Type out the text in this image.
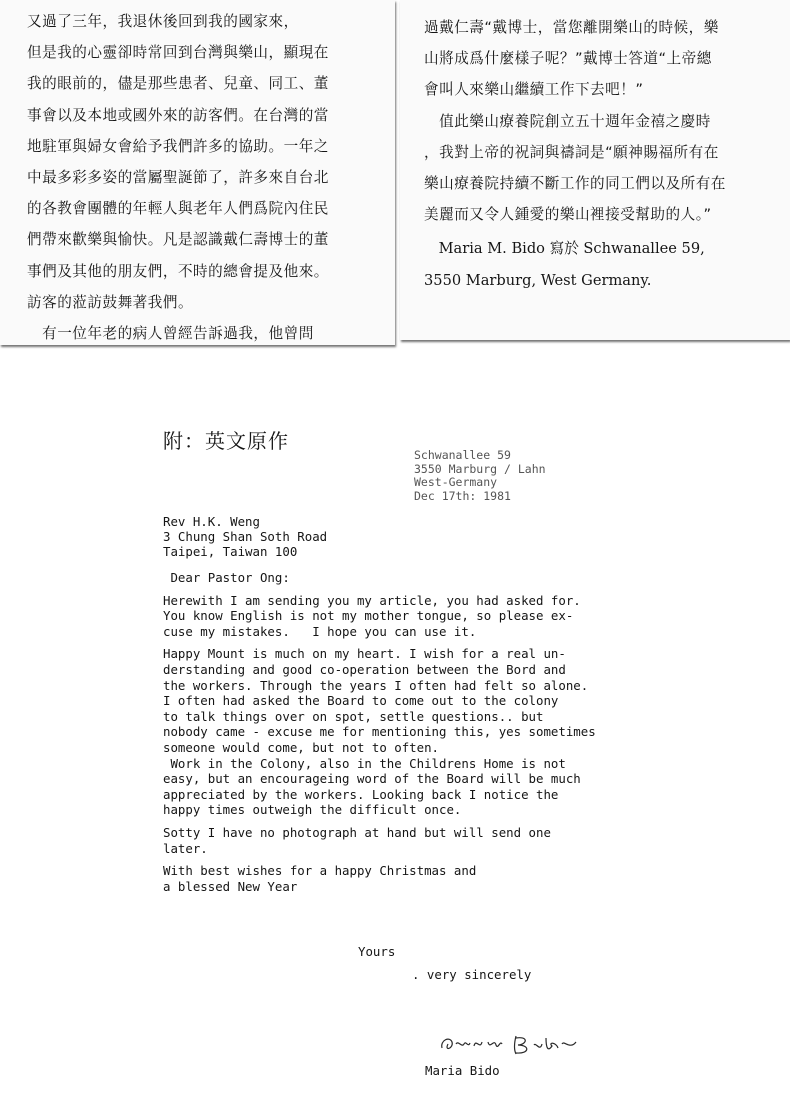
又過了三年，我退休後回到我的國家來，

但是我的心靈卻時常回到台灣與樂山，顯現在

我的眼前的，儘是那些患者、兒童、同工、董

事會以及本地或國外來的訪客們。在台灣的當

地駐軍與婦女會給予我們許多的協助。一年之

中最多彩多姿的當屬聖誕節了，許多來自台北

的各教會團體的年輕人與老年人們爲院內住民

們帶來歡樂與愉快。凡是認識戴仁壽博士的董

事們及其他的朋友們，不時的總會提及他來。

訪客的蒞訪鼓舞著我們。

　有一位年老的病人曾經告訴過我，他曾問

過戴仁壽“戴博士，當您離開樂山的時候，樂

山將成爲什麼樣子呢？”戴博士答道“上帝總

會叫人來樂山繼續工作下去吧！”

　值此樂山療養院創立五十週年金禧之慶時

，我對上帝的祝詞與禱詞是“願神賜福所有在

樂山療養院持續不斷工作的同工們以及所有在

美麗而又令人鍾愛的樂山裡接受幫助的人。”

　Maria M. Bido 寫於 Schwanallee 59,
3550 Marburg, West Germany.
附：英文原作
Schwanallee 59
3550 Marburg / Lahn
West-Germany
Dec 17th: 1981
Rev H.K. Weng
3 Chung Shan Soth Road
Taipei, Taiwan 100
Dear Pastor Ong:
Herewith I am sending you my article, you had asked for.
You know English is not my mother tongue, so please ex-
cuse my mistakes.   I hope you can use it.
Happy Mount is much on my heart. I wish for a real un-
derstanding and good co-operation between the Bord and
the workers. Through the years I often had felt so alone.
I often had asked the Board to come out to the colony
to talk things over on spot, settle questions.. but
nobody came - excuse me for mentioning this, yes sometimes
someone would come, but not to often.
Work in the Colony, also in the Childrens Home is not
easy, but an encourageing word of the Board will be much
appreciated by the workers. Looking back I notice the
happy times outweigh the difficult once.
Sotty I have no photograph at hand but will send one
later.
With best wishes for a happy Christmas and
a blessed New Year
Yours
. very sincerely
Maria Bido
